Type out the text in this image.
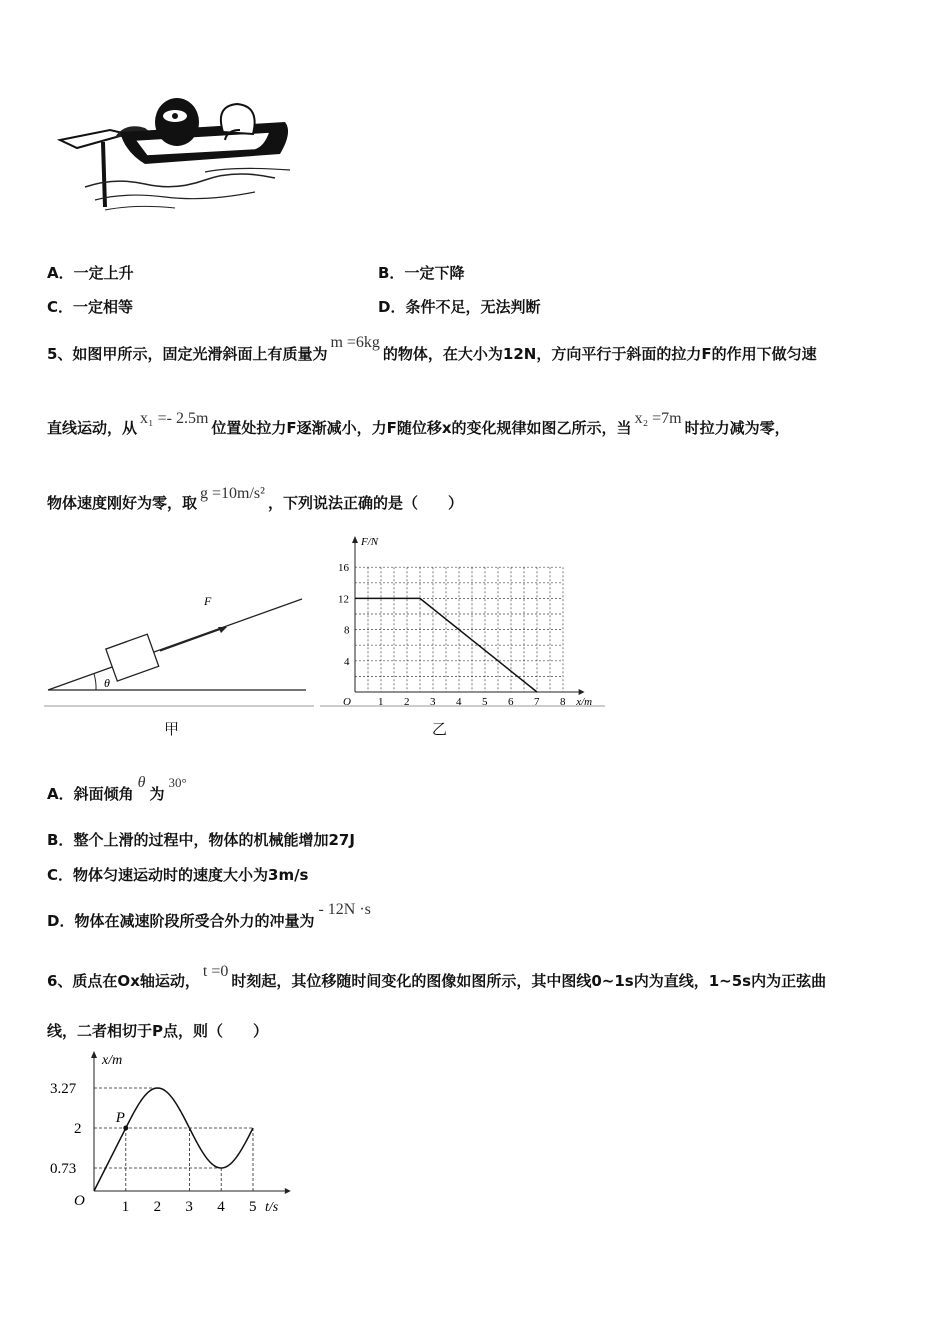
A．一定上升	B．一定下降
C．一定相等	D．条件不足，无法判断
5、如图甲所示，固定光滑斜面上有质量为m =6kg的物体，在大小为12N，方向平行于斜面的拉力F的作用下做匀速
直线运动，从x₁ =- 2.5m位置处拉力F逐渐减小，力F随位移x的变化规律如图乙所示，当x₂ =7m时拉力减为零，
物体速度刚好为零，取g =10m/s²，下列说法正确的是（　　）
θ
F
甲
1 2 3 4 5 6 7 8
4
8
12
16
O	x/m
F/N
乙
A．斜面倾角θ为30°
B．整个上滑的过程中，物体的机械能增加27J
C．物体匀速运动时的速度大小为3m/s
D．物体在减速阶段所受合外力的冲量为- 12N ·s
6、质点在Ox轴运动，t =0时刻起，其位移随时间变化的图像如图所示，其中图线0~1s内为直线，1~5s内为正弦曲
线，二者相切于P点，则（　　）
1 2 3 4 5
0.73
2
3.27
O	t/s
x/m
P
